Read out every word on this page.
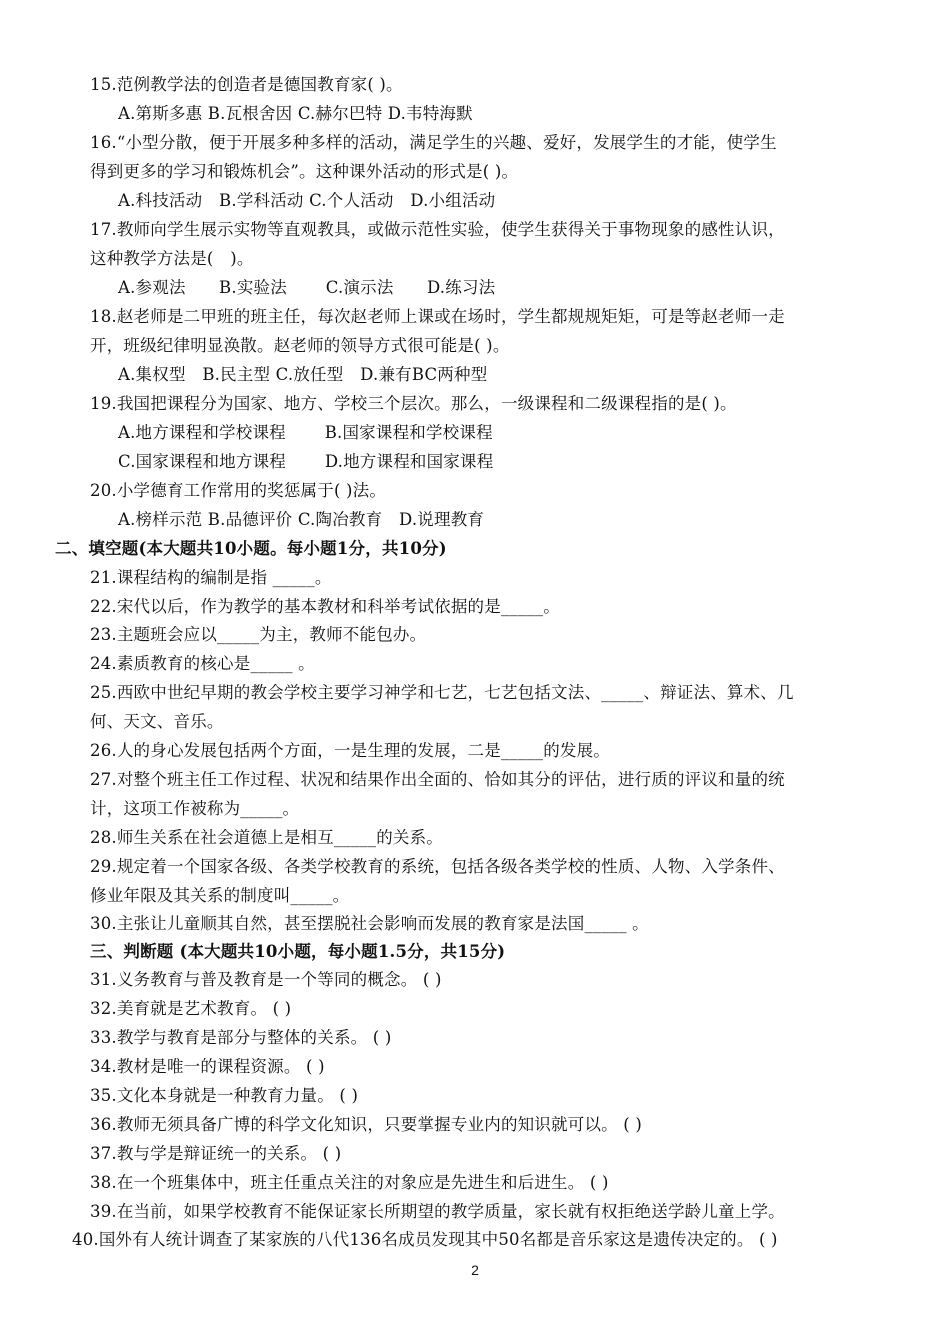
15.范例教学法的创造者是德国教育家( )。
A.第斯多惠 B.瓦根舍因 C.赫尔巴特 D.韦特海默
16.“小型分散，便于开展多种多样的活动，满足学生的兴趣、爱好，发展学生的才能，使学生
得到更多的学习和锻炼机会”。这种课外活动的形式是( )。
A.科技活动　B.学科活动 C.个人活动　D.小组活动
17.教师向学生展示实物等直观教具，或做示范性实验，使学生获得关于事物现象的感性认识，
这种教学方法是(　)。
A.参观法　　B.实验法　　 C.演示法　　D.练习法
18.赵老师是二甲班的班主任，每次赵老师上课或在场时，学生都规规矩矩，可是等赵老师一走
开，班级纪律明显涣散。赵老师的领导方式很可能是( )。
A.集权型　B.民主型 C.放任型　D.兼有BC两种型
19.我国把课程分为国家、地方、学校三个层次。那么，一级课程和二级课程指的是( )。
A.地方课程和学校课程　　 B.国家课程和学校课程
C.国家课程和地方课程　　 D.地方课程和国家课程
20.小学德育工作常用的奖惩属于( )法。
A.榜样示范 B.品德评价 C.陶冶教育　D.说理教育
二、填空题(本大题共10小题。每小题1分，共10分)
21.课程结构的编制是指 _____。
22.宋代以后，作为教学的基本教材和科举考试依据的是_____。
23.主题班会应以_____为主，教师不能包办。
24.素质教育的核心是_____ 。
25.西欧中世纪早期的教会学校主要学习神学和七艺，七艺包括文法、_____、辩证法、算术、几
何、天文、音乐。
26.人的身心发展包括两个方面，一是生理的发展，二是_____的发展。
27.对整个班主任工作过程、状况和结果作出全面的、恰如其分的评估，进行质的评议和量的统
计，这项工作被称为_____。
28.师生关系在社会道德上是相互_____的关系。
29.规定着一个国家各级、各类学校教育的系统，包括各级各类学校的性质、人物、入学条件、
修业年限及其关系的制度叫_____。
30.主张让儿童顺其自然，甚至摆脱社会影响而发展的教育家是法国_____ 。
三、判断题 (本大题共10小题，每小题1.5分，共15分)
31.义务教育与普及教育是一个等同的概念。 ( )
32.美育就是艺术教育。 ( )
33.教学与教育是部分与整体的关系。 ( )
34.教材是唯一的课程资源。 ( )
35.文化本身就是一种教育力量。 ( )
36.教师无须具备广博的科学文化知识，只要掌握专业内的知识就可以。 ( )
37.教与学是辩证统一的关系。 ( )
38.在一个班集体中，班主任重点关注的对象应是先进生和后进生。 ( )
39.在当前，如果学校教育不能保证家长所期望的教学质量，家长就有权拒绝送学龄儿童上学。
40.国外有人统计调查了某家族的八代136名成员发现其中50名都是音乐家这是遗传决定的。 ( )
2
